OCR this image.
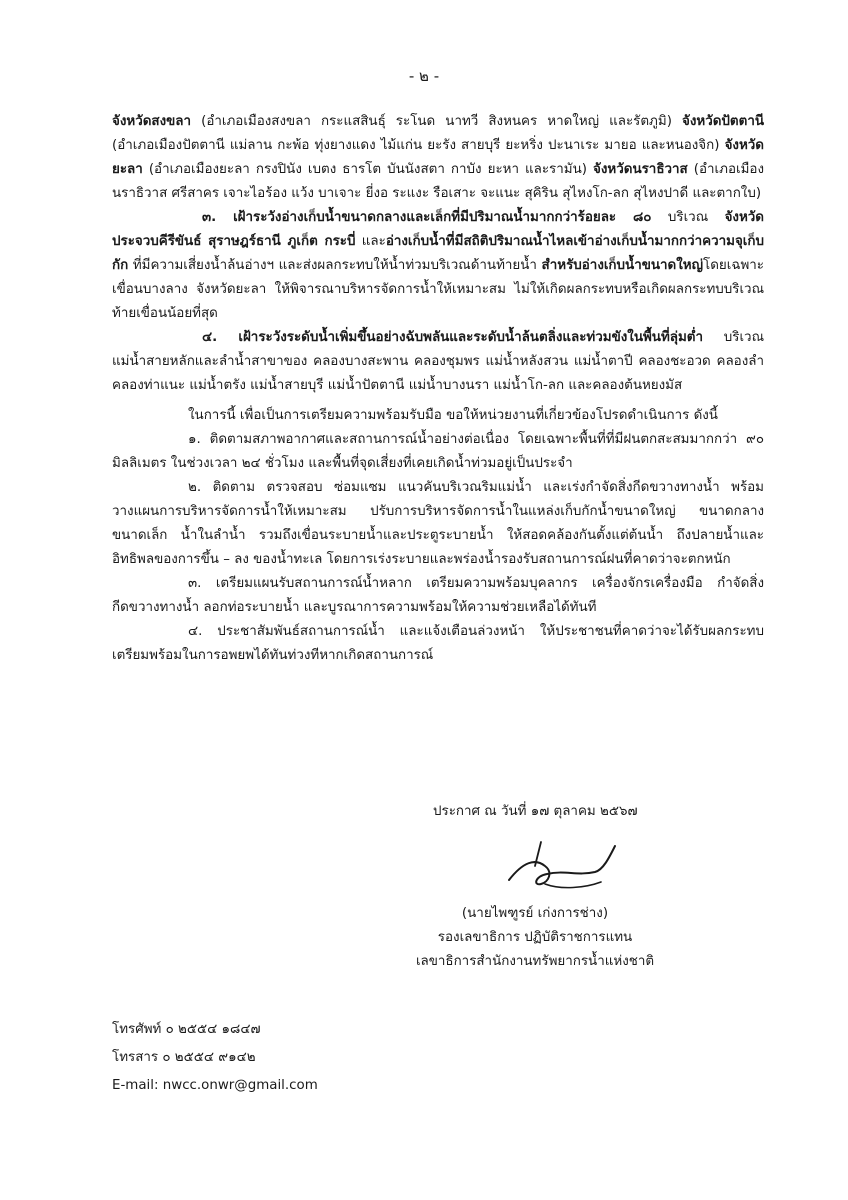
- ๒ -

จังหวัดสงขลา (อำเภอเมืองสงขลา กระแสสินธุ์ ระโนด นาทวี สิงหนคร หาดใหญ่ และรัตภูมิ) จังหวัดปัตตานี (อำเภอเมืองปัตตานี แม่ลาน กะพ้อ ทุ่งยางแดง ไม้แก่น ยะรัง สายบุรี ยะหริ่ง ปะนาเระ มายอ และหนองจิก) จังหวัดยะลา (อำเภอเมืองยะลา กรงปินัง เบตง ธารโต บันนังสตา กาบัง ยะหา และรามัน) จังหวัดนราธิวาส (อำเภอเมืองนราธิวาส ศรีสาคร เจาะไอร้อง แว้ง บาเจาะ ยี่งอ ระแงะ รือเสาะ จะแนะ สุคิริน สุไหงโก-ลก สุไหงปาดี และตากใบ)

๓. เฝ้าระวังอ่างเก็บน้ำขนาดกลางและเล็กที่มีปริมาณน้ำมากกว่าร้อยละ ๘๐ บริเวณ จังหวัดประจวบคีรีขันธ์ สุราษฎร์ธานี ภูเก็ต กระบี่ และอ่างเก็บน้ำที่มีสถิติปริมาณน้ำไหลเข้าอ่างเก็บน้ำมากกว่าความจุเก็บกัก ที่มีความเสี่ยงน้ำล้นอ่างฯ และส่งผลกระทบให้น้ำท่วมบริเวณด้านท้ายน้ำ สำหรับอ่างเก็บน้ำขนาดใหญ่โดยเฉพาะเขื่อนบางลาง จังหวัดยะลา ให้พิจารณาบริหารจัดการน้ำให้เหมาะสม ไม่ให้เกิดผลกระทบหรือเกิดผลกระทบบริเวณท้ายเขื่อนน้อยที่สุด

๔. เฝ้าระวังระดับน้ำเพิ่มขึ้นอย่างฉับพลันและระดับน้ำล้นตลิ่งและท่วมขังในพื้นที่ลุ่มต่ำ บริเวณแม่น้ำสายหลักและลำน้ำสาขาของ คลองบางสะพาน คลองชุมพร แม่น้ำหลังสวน แม่น้ำตาปี คลองชะอวด คลองลำ คลองท่าแนะ แม่น้ำตรัง แม่น้ำสายบุรี แม่น้ำปัตตานี แม่น้ำบางนรา แม่น้ำโก-ลก และคลองต้นหยงมัส

ในการนี้ เพื่อเป็นการเตรียมความพร้อมรับมือ ขอให้หน่วยงานที่เกี่ยวข้องโปรดดำเนินการ ดังนี้

๑. ติดตามสภาพอากาศและสถานการณ์น้ำอย่างต่อเนื่อง โดยเฉพาะพื้นที่ที่มีฝนตกสะสมมากกว่า ๙๐ มิลลิเมตร ในช่วงเวลา ๒๔ ชั่วโมง และพื้นที่จุดเสี่ยงที่เคยเกิดน้ำท่วมอยู่เป็นประจำ

๒. ติดตาม ตรวจสอบ ซ่อมแซม แนวคันบริเวณริมแม่น้ำ และเร่งกำจัดสิ่งกีดขวางทางน้ำ พร้อมวางแผนการบริหารจัดการน้ำให้เหมาะสม ปรับการบริหารจัดการน้ำในแหล่งเก็บกักน้ำขนาดใหญ่ ขนาดกลาง ขนาดเล็ก น้ำในลำน้ำ รวมถึงเขื่อนระบายน้ำและประตูระบายน้ำ ให้สอดคล้องกันตั้งแต่ต้นน้ำ ถึงปลายน้ำและ อิทธิพลของการขึ้น – ลง ของน้ำทะเล โดยการเร่งระบายและพร่องน้ำรองรับสถานการณ์ฝนที่คาดว่าจะตกหนัก

๓. เตรียมแผนรับสถานการณ์น้ำหลาก เตรียมความพร้อมบุคลากร เครื่องจักรเครื่องมือ กำจัดสิ่งกีดขวางทางน้ำ ลอกท่อระบายน้ำ และบูรณาการความพร้อมให้ความช่วยเหลือได้ทันที

๔. ประชาสัมพันธ์สถานการณ์น้ำ และแจ้งเตือนล่วงหน้า ให้ประชาชนที่คาดว่าจะได้รับผลกระทบ เตรียมพร้อมในการอพยพได้ทันท่วงทีหากเกิดสถานการณ์

ประกาศ ณ วันที่ ๑๗ ตุลาคม ๒๕๖๗
(นายไพฑูรย์ เก่งการช่าง)
รองเลขาธิการ ปฏิบัติราชการแทน
เลขาธิการสำนักงานทรัพยากรน้ำแห่งชาติ
โทรศัพท์ ๐ ๒๕๕๔ ๑๘๔๗
โทรสาร ๐ ๒๕๕๔ ๙๑๔๒
E-mail: nwcc.onwr@gmail.com
